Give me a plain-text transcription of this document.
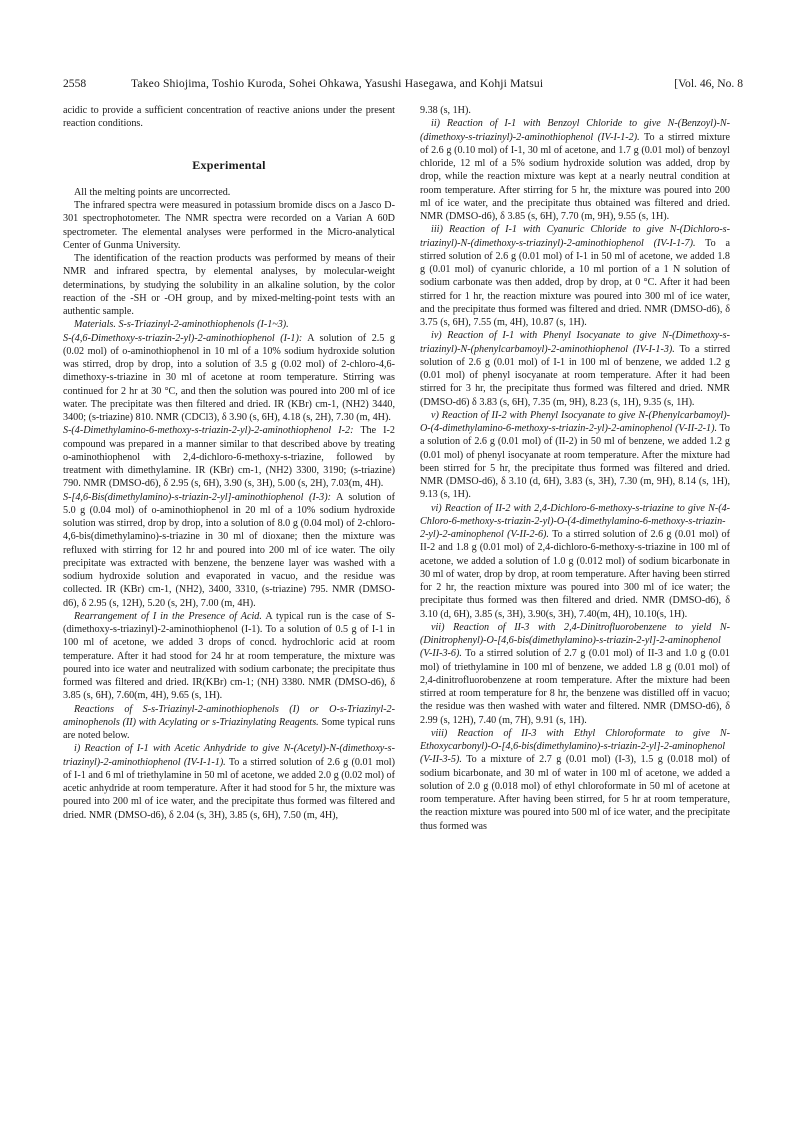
2558	Takeo Shiojima, Toshio Kuroda, Sohei Ohkawa, Yasushi Hasegawa, and Kohji Matsui	[Vol. 46, No. 8

acidic to provide a sufficient concentration of reactive anions under the present reaction conditions.

Experimental

All the melting points are uncorrected.

The infrared spectra were measured in potassium bromide discs on a Jasco D-301 spectrophotometer. The NMR spectra were recorded on a Varian A 60D spectrometer. The elemental analyses were performed in the Micro-analytical Center of Gunma University.

The identification of the reaction products was performed by means of their NMR and infrared spectra, by elemental analyses, by molecular-weight determinations, by studying the solubility in an alkaline solution, by the color reaction of the -SH or -OH group, and by mixed-melting-point tests with an authentic sample.

Materials. S-s-Triazinyl-2-aminothiophenols (I-1~3).

S-(4,6-Dimethoxy-s-triazin-2-yl)-2-aminothiophenol (I-1): A solution of 2.5 g (0.02 mol) of o-aminothiophenol in 10 ml of a 10% sodium hydroxide solution was stirred, drop by drop, into a solution of 3.5 g (0.02 mol) of 2-chloro-4,6-dimethoxy-s-triazine in 30 ml of acetone at room temperature. Stirring was continued for 2 hr at 30 °C, and then the solution was poured into 200 ml of ice water. The precipitate was then filtered and dried. IR (KBr) cm-1, (NH2) 3440, 3400; (s-triazine) 810. NMR (CDCl3), δ 3.90 (s, 6H), 4.18 (s, 2H), 7.30 (m, 4H).

S-(4-Dimethylamino-6-methoxy-s-triazin-2-yl)-2-aminothiophenol I-2: The I-2 compound was prepared in a manner similar to that described above by treating o-aminothiophenol with 2,4-dichloro-6-methoxy-s-triazine, followed by treatment with dimethylamine. IR (KBr) cm-1, (NH2) 3300, 3190; (s-triazine) 790. NMR (DMSO-d6), δ 2.95 (s, 6H), 3.90 (s, 3H), 5.00 (s, 2H), 7.03(m, 4H).

S-[4,6-Bis(dimethylamino)-s-triazin-2-yl]-aminothiophenol (I-3): A solution of 5.0 g (0.04 mol) of o-aminothiophenol in 20 ml of a 10% sodium hydroxide solution was stirred, drop by drop, into a solution of 8.0 g (0.04 mol) of 2-chloro-4,6-bis(dimethylamino)-s-triazine in 30 ml of dioxane; then the mixture was refluxed with stirring for 12 hr and poured into 200 ml of ice water. The oily precipitate was extracted with benzene, the benzene layer was washed with a sodium hydroxide solution and evaporated in vacuo, and the residue was collected. IR (KBr) cm-1, (NH2), 3400, 3310, (s-triazine) 795. NMR (DMSO-d6), δ 2.95 (s, 12H), 5.20 (s, 2H), 7.00 (m, 4H).

Rearrangement of I in the Presence of Acid. A typical run is the case of S-(dimethoxy-s-triazinyl)-2-aminothiophenol (I-1). To a solution of 0.5 g of I-1 in 100 ml of acetone, we added 3 drops of concd. hydrochloric acid at room temperature. After it had stood for 24 hr at room temperature, the mixture was poured into ice water and neutralized with sodium carbonate; the precipitate thus formed was filtered and dried. IR(KBr) cm-1; (NH) 3380. NMR (DMSO-d6), δ 3.85 (s, 6H), 7.60(m, 4H), 9.65 (s, 1H).

Reactions of S-s-Triazinyl-2-aminothiophenols (I) or O-s-Triazinyl-2-aminophenols (II) with Acylating or s-Triazinylating Reagents. Some typical runs are noted below.

i) Reaction of I-1 with Acetic Anhydride to give N-(Acetyl)-N-(dimethoxy-s-triazinyl)-2-aminothiophenol (IV-I-1-1). To a stirred solution of 2.6 g (0.01 mol) of I-1 and 6 ml of triethylamine in 50 ml of acetone, we added 2.0 g (0.02 mol) of acetic anhydride at room temperature. After it had stood for 5 hr, the mixture was poured into 200 ml of ice water, and the precipitate thus formed was filtered and dried. NMR (DMSO-d6), δ 2.04 (s, 3H), 3.85 (s, 6H), 7.50 (m, 4H),

9.38 (s, 1H).

ii) Reaction of I-1 with Benzoyl Chloride to give N-(Benzoyl)-N-(dimethoxy-s-triazinyl)-2-aminothiophenol (IV-I-1-2). To a stirred mixture of 2.6 g (0.10 mol) of I-1, 30 ml of acetone, and 1.7 g (0.01 mol) of benzoyl chloride, 12 ml of a 5% sodium hydroxide solution was added, drop by drop, while the reaction mixture was kept at a nearly neutral condition at room temperature. After stirring for 5 hr, the mixture was poured into 200 ml of ice water, and the precipitate thus obtained was filtered and dried. NMR (DMSO-d6), δ 3.85 (s, 6H), 7.70 (m, 9H), 9.55 (s, 1H).

iii) Reaction of I-1 with Cyanuric Chloride to give N-(Dichloro-s-triazinyl)-N-(dimethoxy-s-triazinyl)-2-aminothiophenol (IV-I-1-7). To a stirred solution of 2.6 g (0.01 mol) of I-1 in 50 ml of acetone, we added 1.8 g (0.01 mol) of cyanuric chloride, a 10 ml portion of a 1 N solution of sodium carbonate was then added, drop by drop, at 0 °C. After it had been stirred for 1 hr, the reaction mixture was poured into 300 ml of ice water, and the precipitate thus formed was filtered and dried. NMR (DMSO-d6), δ 3.75 (s, 6H), 7.55 (m, 4H), 10.87 (s, 1H).

iv) Reaction of I-1 with Phenyl Isocyanate to give N-(Dimethoxy-s-triazinyl)-N-(phenylcarbamoyl)-2-aminothiophenol (IV-I-1-3). To a stirred solution of 2.6 g (0.01 mol) of I-1 in 100 ml of benzene, we added 1.2 g (0.01 mol) of phenyl isocyanate at room temperature. After it had been stirred for 3 hr, the precipitate thus formed was filtered and dried. NMR (DMSO-d6) δ 3.83 (s, 6H), 7.35 (m, 9H), 8.23 (s, 1H), 9.35 (s, 1H).

v) Reaction of II-2 with Phenyl Isocyanate to give N-(Phenylcarbamoyl)-O-(4-dimethylamino-6-methoxy-s-triazin-2-yl)-2-aminophenol (V-II-2-1). To a solution of 2.6 g (0.01 mol) of (II-2) in 50 ml of benzene, we added 1.2 g (0.01 mol) of phenyl isocyanate at room temperature. After the mixture had been stirred for 5 hr, the precipitate thus formed was filtered and dried. NMR (DMSO-d6), δ 3.10 (d, 6H), 3.83 (s, 3H), 7.30 (m, 9H), 8.14 (s, 1H), 9.13 (s, 1H).

vi) Reaction of II-2 with 2,4-Dichloro-6-methoxy-s-triazine to give N-(4-Chloro-6-methoxy-s-triazin-2-yl)-O-(4-dimethylamino-6-methoxy-s-triazin-2-yl)-2-aminophenol (V-II-2-6). To a stirred solution of 2.6 g (0.01 mol) of II-2 and 1.8 g (0.01 mol) of 2,4-dichloro-6-methoxy-s-triazine in 100 ml of acetone, we added a solution of 1.0 g (0.012 mol) of sodium bicarbonate in 30 ml of water, drop by drop, at room temperature. After having been stirred for 2 hr, the reaction mixture was poured into 300 ml of ice water; the precipitate thus formed was then filtered and dried. NMR (DMSO-d6), δ 3.10 (d, 6H), 3.85 (s, 3H), 3.90(s, 3H), 7.40(m, 4H), 10.10(s, 1H).

vii) Reaction of II-3 with 2,4-Dinitrofluorobenzene to yield N-(Dinitrophenyl)-O-[4,6-bis(dimethylamino)-s-triazin-2-yl]-2-aminophenol (V-II-3-6). To a stirred solution of 2.7 g (0.01 mol) of II-3 and 1.0 g (0.01 mol) of triethylamine in 100 ml of benzene, we added 1.8 g (0.01 mol) of 2,4-dinitrofluorobenzene at room temperature. After the mixture had been stirred at room temperature for 8 hr, the benzene was distilled off in vacuo; the residue was then washed with water and filtered. NMR (DMSO-d6), δ 2.99 (s, 12H), 7.40 (m, 7H), 9.91 (s, 1H).

viii) Reaction of II-3 with Ethyl Chloroformate to give N-Ethoxycarbonyl)-O-[4,6-bis(dimethylamino)-s-triazin-2-yl]-2-aminophenol (V-II-3-5). To a mixture of 2.7 g (0.01 mol) (I-3), 1.5 g (0.018 mol) of sodium bicarbonate, and 30 ml of water in 100 ml of acetone, we added a solution of 2.0 g (0.018 mol) of ethyl chloroformate in 50 ml of acetone at room temperature. After having been stirred, for 5 hr at room temperature, the reaction mixture was poured into 500 ml of ice water, and the precipitate thus formed was
